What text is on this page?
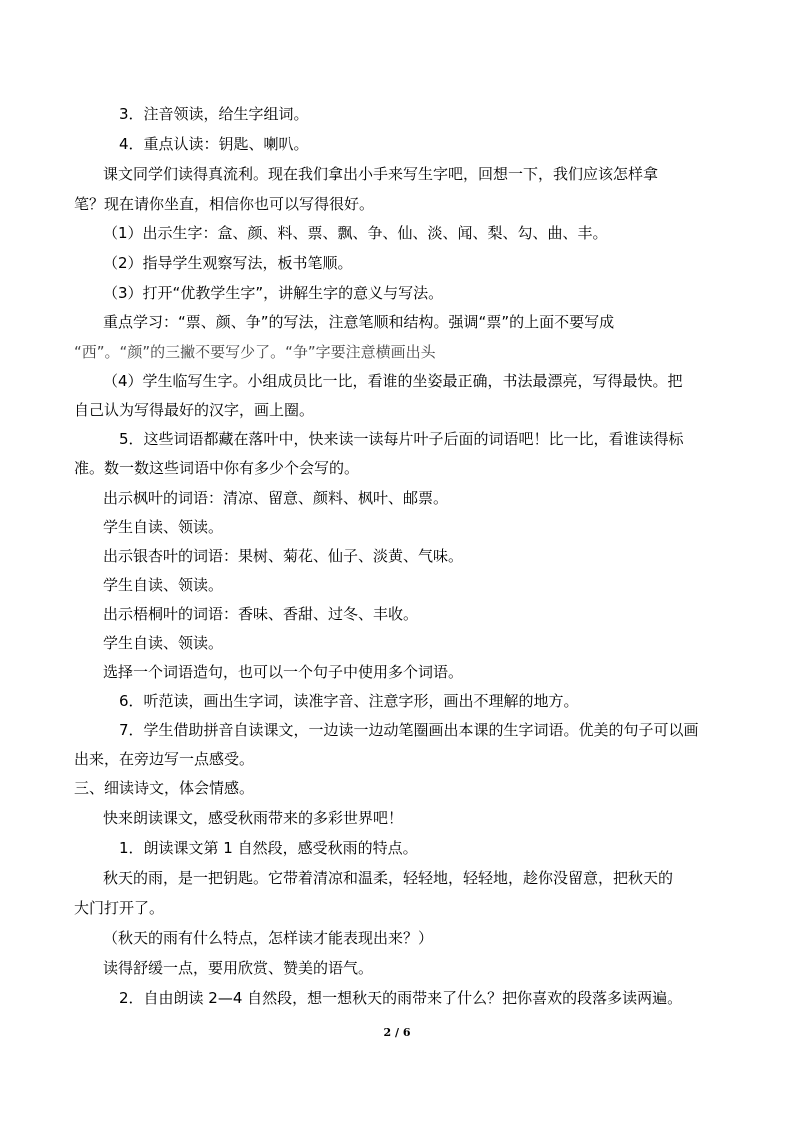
3．注音领读，给生字组词。
4．重点认读：钥匙、喇叭。
课文同学们读得真流利。现在我们拿出小手来写生字吧，回想一下，我们应该怎样拿
笔？现在请你坐直，相信你也可以写得很好。
（1）出示生字：盒、颜、料、票、飘、争、仙、淡、闻、梨、勾、曲、丰。
（2）指导学生观察写法，板书笔顺。
（3）打开“优教学生字”，讲解生字的意义与写法。
重点学习：“票、颜、争”的写法，注意笔顺和结构。强调“票”的上面不要写成
“西”。“颜”的三撇不要写少了。“争”字要注意横画出头
（4）学生临写生字。小组成员比一比，看谁的坐姿最正确，书法最漂亮，写得最快。把
自己认为写得最好的汉字，画上圈。
5．这些词语都藏在落叶中，快来读一读每片叶子后面的词语吧！比一比，看谁读得标
准。数一数这些词语中你有多少个会写的。
出示枫叶的词语：清凉、留意、颜料、枫叶、邮票。
学生自读、领读。
出示银杏叶的词语：果树、菊花、仙子、淡黄、气味。
学生自读、领读。
出示梧桐叶的词语：香味、香甜、过冬、丰收。
学生自读、领读。
选择一个词语造句，也可以一个句子中使用多个词语。
6．听范读，画出生字词，读准字音、注意字形，画出不理解的地方。
7．学生借助拼音自读课文，一边读一边动笔圈画出本课的生字词语。优美的句子可以画
出来，在旁边写一点感受。
三、细读诗文，体会情感。
快来朗读课文，感受秋雨带来的多彩世界吧！
1．朗读课文第 1 自然段，感受秋雨的特点。
秋天的雨，是一把钥匙。它带着清凉和温柔，轻轻地，轻轻地，趁你没留意，把秋天的
大门打开了。
（秋天的雨有什么特点，怎样读才能表现出来？）
读得舒缓一点，要用欣赏、赞美的语气。
2．自由朗读 2—4 自然段，想一想秋天的雨带来了什么？把你喜欢的段落多读两遍。
2 / 6
